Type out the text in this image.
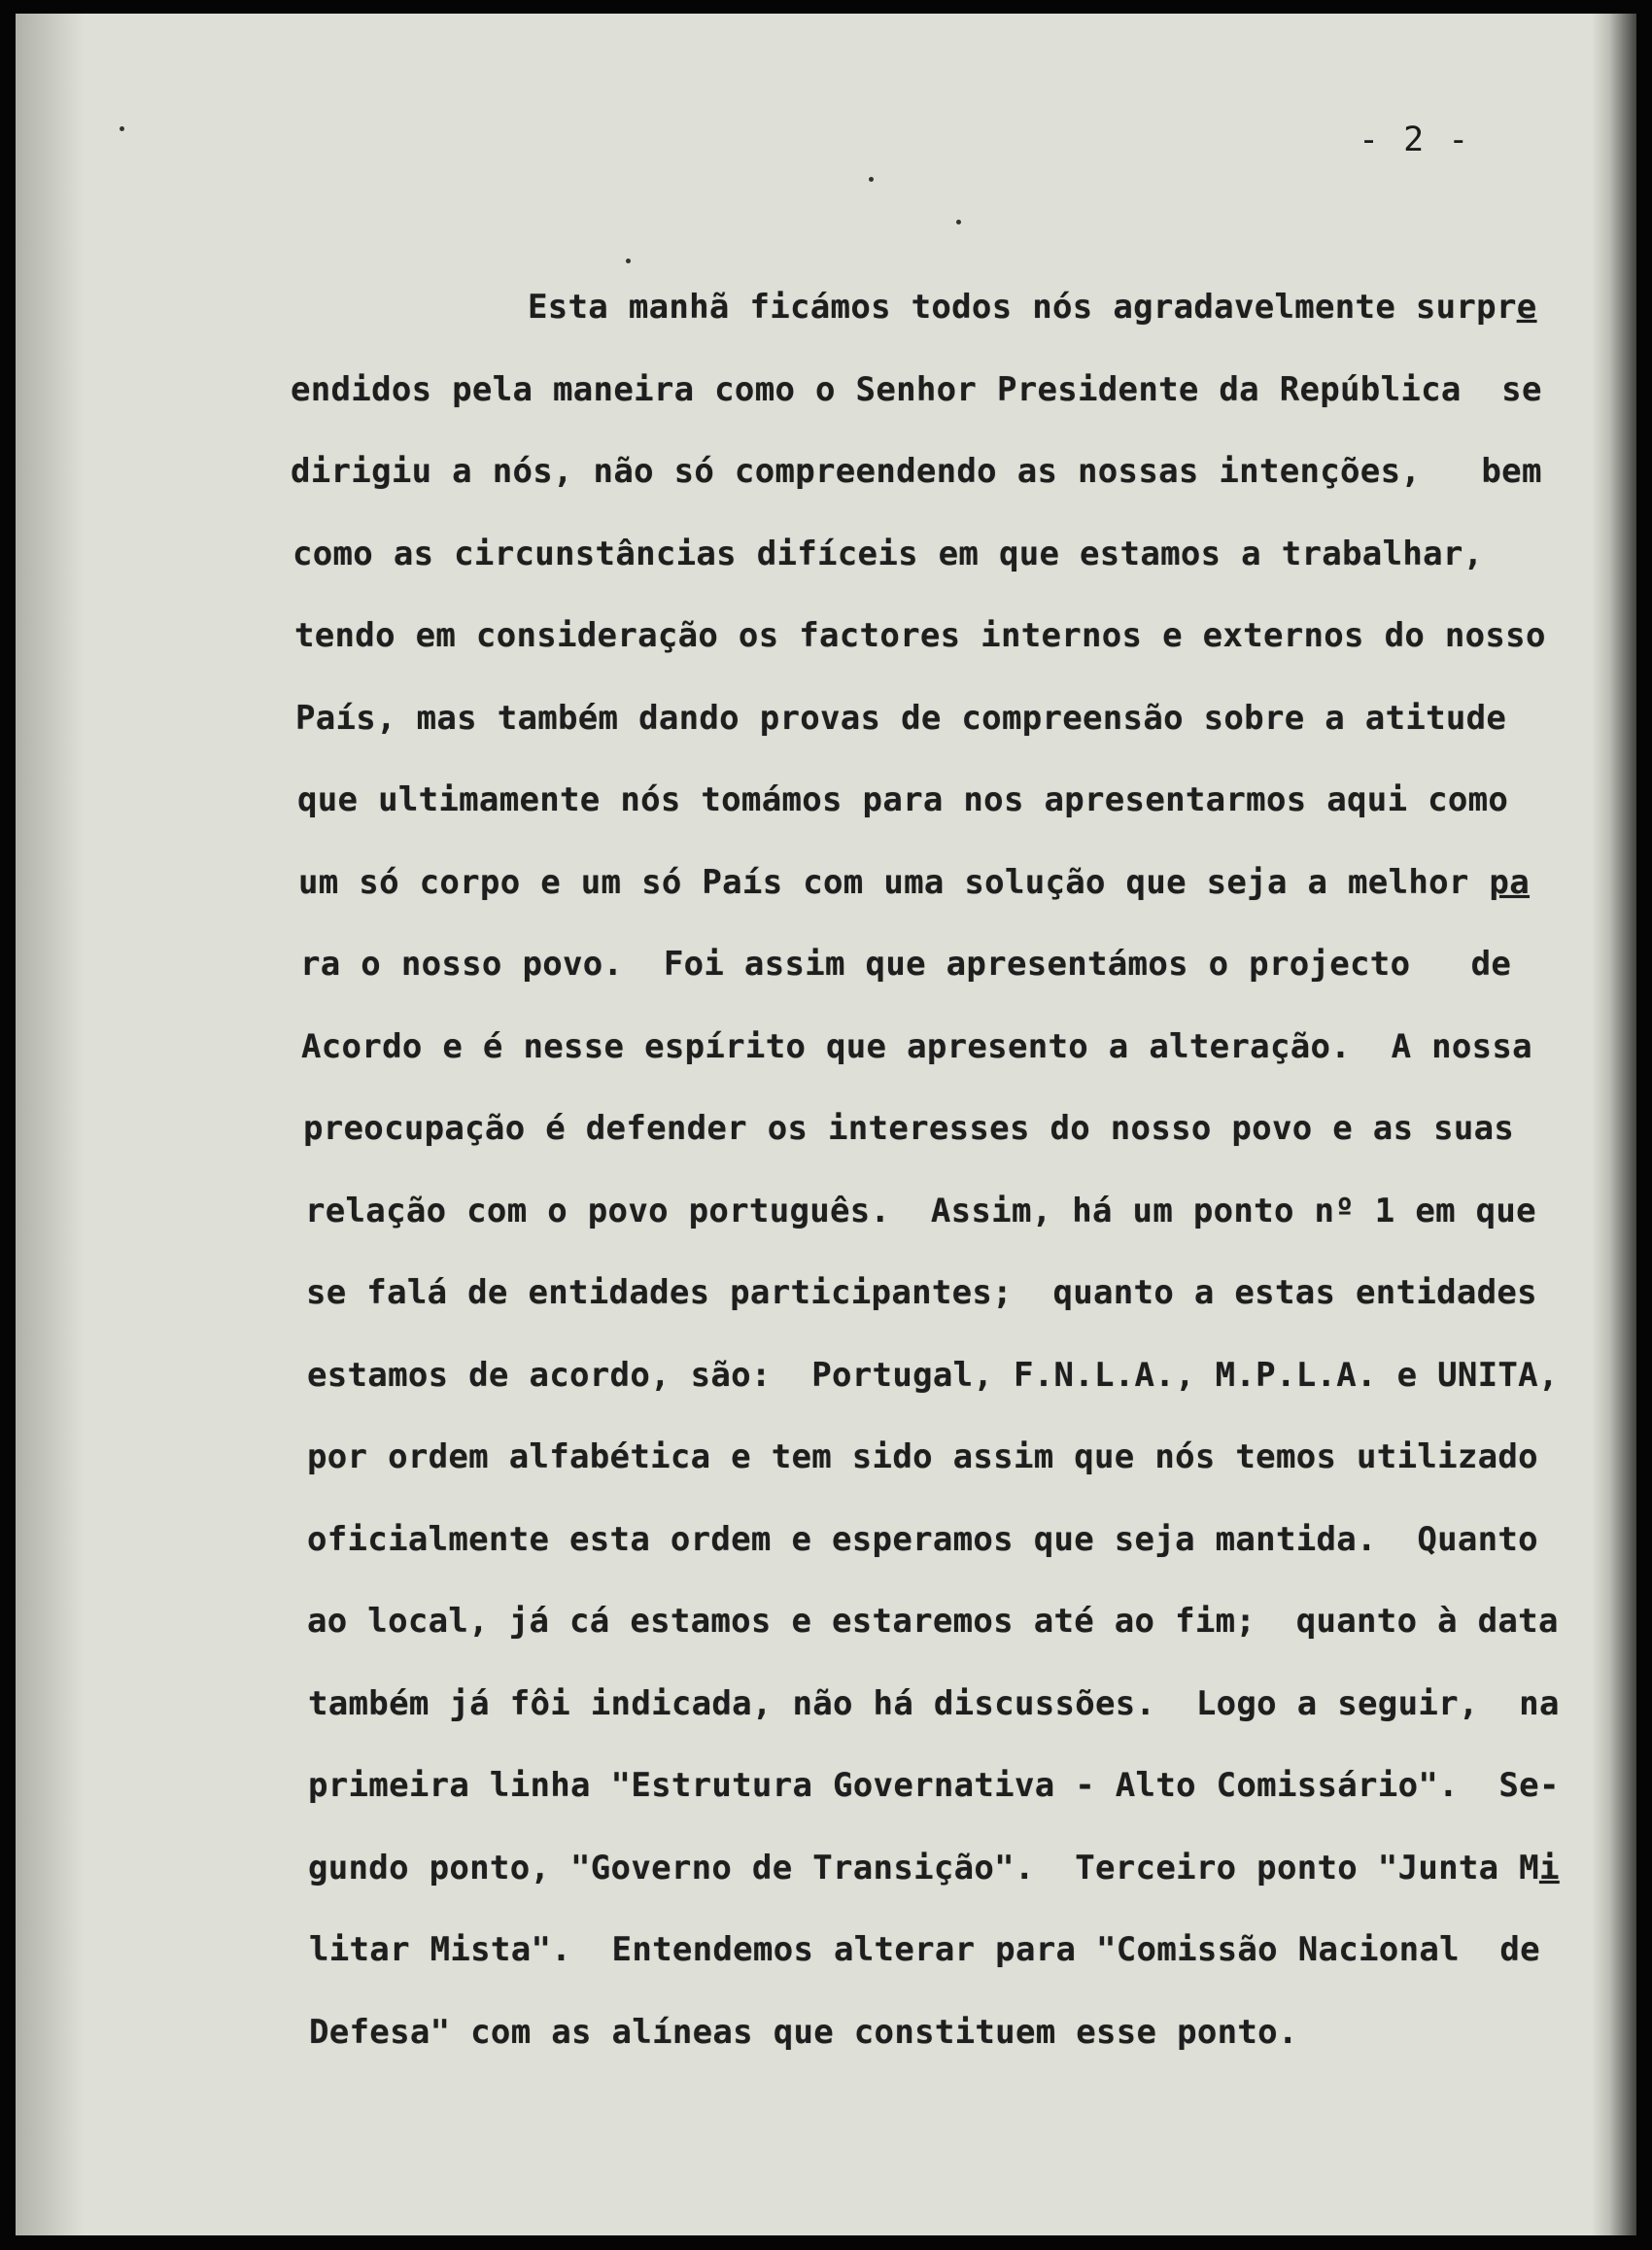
- 2 -
Esta manhã ficámos todos nós agradavelmente surpre
endidos pela maneira como o Senhor Presidente da República  se
dirigiu a nós, não só compreendendo as nossas intenções,   bem
como as circunstâncias difíceis em que estamos a trabalhar,
tendo em consideração os factores internos e externos do nosso
País, mas também dando provas de compreensão sobre a atitude
que ultimamente nós tomámos para nos apresentarmos aqui como
um só corpo e um só País com uma solução que seja a melhor pa
ra o nosso povo.  Foi assim que apresentámos o projecto   de
Acordo e é nesse espírito que apresento a alteração.  A nossa
preocupação é defender os interesses do nosso povo e as suas
relação com o povo português.  Assim, há um ponto nº 1 em que
se falá de entidades participantes;  quanto a estas entidades
estamos de acordo, são:  Portugal, F.N.L.A., M.P.L.A. e UNITA,
por ordem alfabética e tem sido assim que nós temos utilizado
oficialmente esta ordem e esperamos que seja mantida.  Quanto
ao local, já cá estamos e estaremos até ao fim;  quanto à data
também já fôi indicada, não há discussões.  Logo a seguir,  na
primeira linha "Estrutura Governativa - Alto Comissário".  Se-
gundo ponto, "Governo de Transição".  Terceiro ponto "Junta Mi
litar Mista".  Entendemos alterar para "Comissão Nacional  de
Defesa" com as alíneas que constituem esse ponto.
